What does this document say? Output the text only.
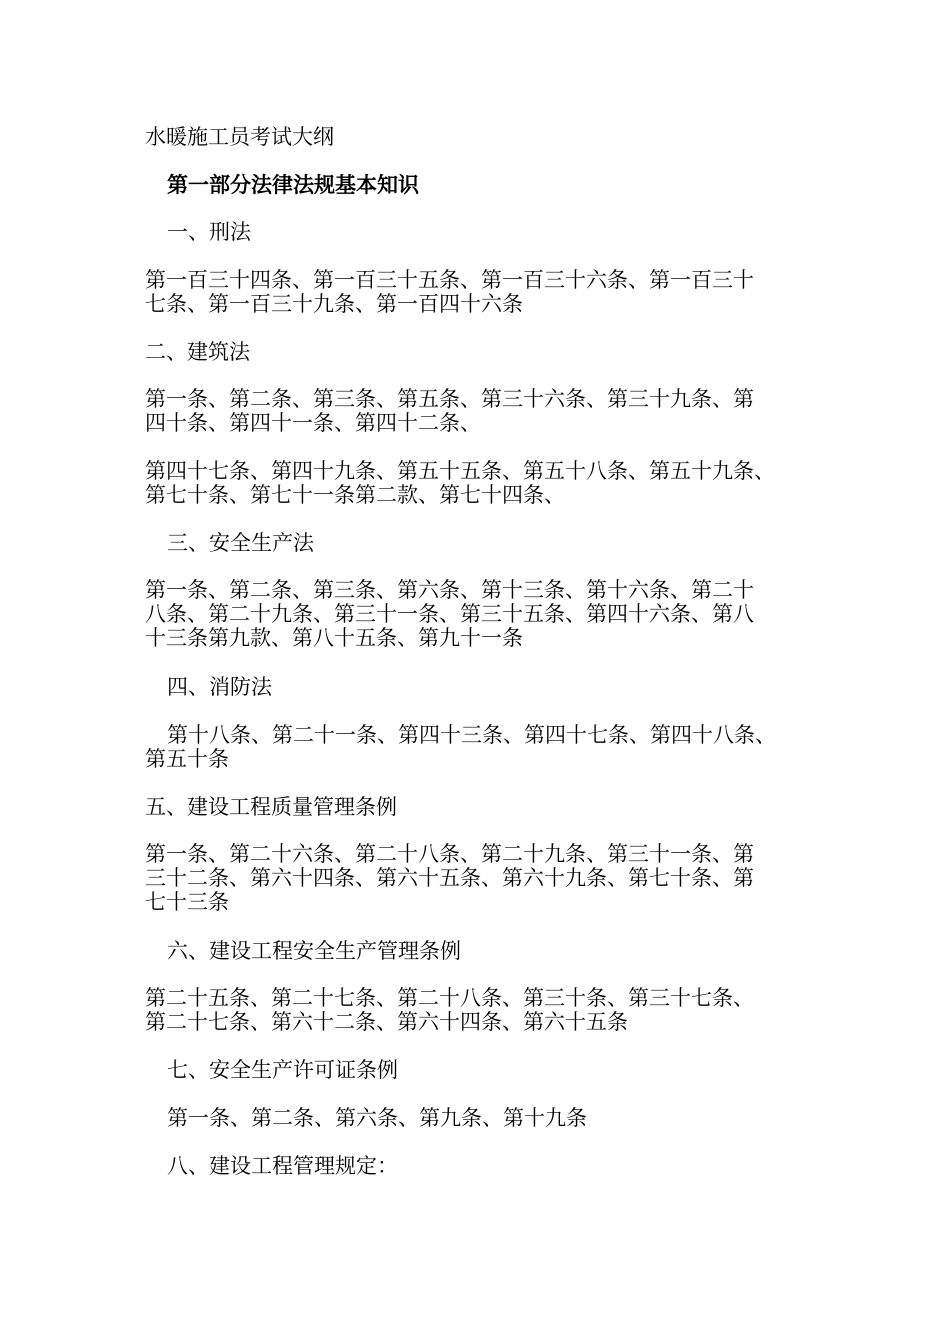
水暖施工员考试大纲
第一部分法律法规基本知识
一、刑法
第一百三十四条、第一百三十五条、第一百三十六条、第一百三十
七条、第一百三十九条、第一百四十六条
二、建筑法
第一条、第二条、第三条、第五条、第三十六条、第三十九条、第
四十条、第四十一条、第四十二条、
第四十七条、第四十九条、第五十五条、第五十八条、第五十九条、
第七十条、第七十一条第二款、第七十四条、
三、安全生产法
第一条、第二条、第三条、第六条、第十三条、第十六条、第二十
八条、第二十九条、第三十一条、第三十五条、第四十六条、第八
十三条第九款、第八十五条、第九十一条
四、消防法
第十八条、第二十一条、第四十三条、第四十七条、第四十八条、
第五十条
五、建设工程质量管理条例
第一条、第二十六条、第二十八条、第二十九条、第三十一条、第
三十二条、第六十四条、第六十五条、第六十九条、第七十条、第
七十三条
六、建设工程安全生产管理条例
第二十五条、第二十七条、第二十八条、第三十条、第三十七条、
第二十七条、第六十二条、第六十四条、第六十五条
七、安全生产许可证条例
第一条、第二条、第六条、第九条、第十九条
八、建设工程管理规定：
